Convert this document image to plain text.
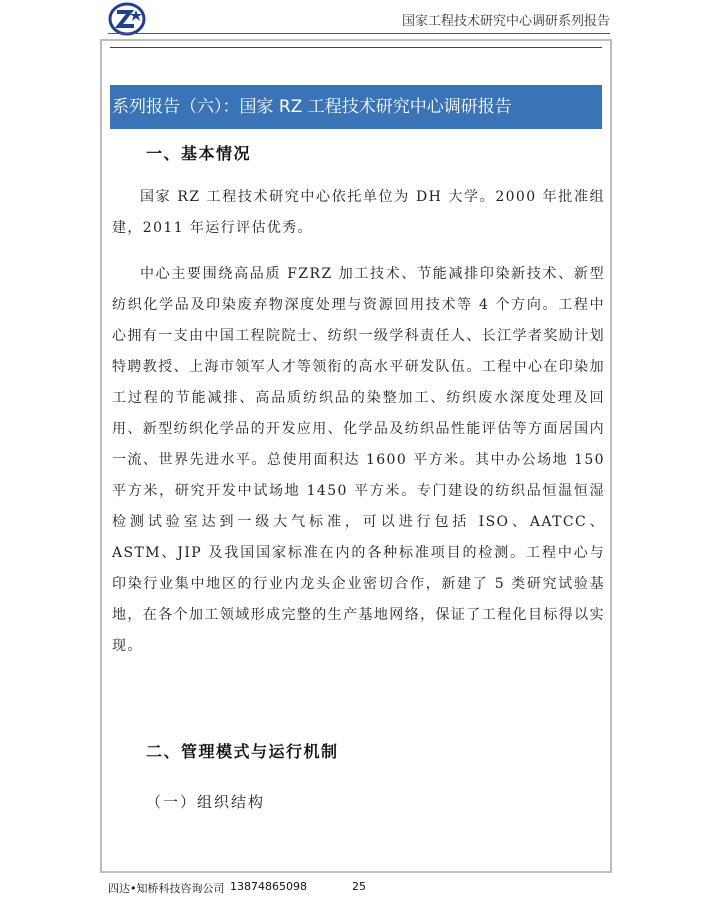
国家工程技术研究中心调研系列报告
系列报告（六）：国家 RZ 工程技术研究中心调研报告
一、基本情况
国家 RZ 工程技术研究中心依托单位为 DH 大学。2000 年批准组建，2011 年运行评估优秀。
中心主要围绕高品质 FZRZ 加工技术、节能减排印染新技术、新型纺织化学品及印染废弃物深度处理与资源回用技术等 4 个方向。工程中心拥有一支由中国工程院院士、纺织一级学科责任人、长江学者奖励计划特聘教授、上海市领军人才等领衔的高水平研发队伍。工程中心在印染加工过程的节能减排、高品质纺织品的染整加工、纺织废水深度处理及回用、新型纺织化学品的开发应用、化学品及纺织品性能评估等方面居国内一流、世界先进水平。总使用面积达 1600 平方米。其中办公场地 150 平方米，研究开发中试场地 1450 平方米。专门建设的纺织品恒温恒湿检测试验室达到一级大气标准，可以进行包括 ISO、AATCC、ASTM、JIP 及我国国家标准在内的各种标准项目的检测。工程中心与印染行业集中地区的行业内龙头企业密切合作，新建了 5 类研究试验基地，在各个加工领域形成完整的生产基地网络，保证了工程化目标得以实现。
二、管理模式与运行机制
（一）组织结构
四达•知桥科技咨询公司 13874865098	25
